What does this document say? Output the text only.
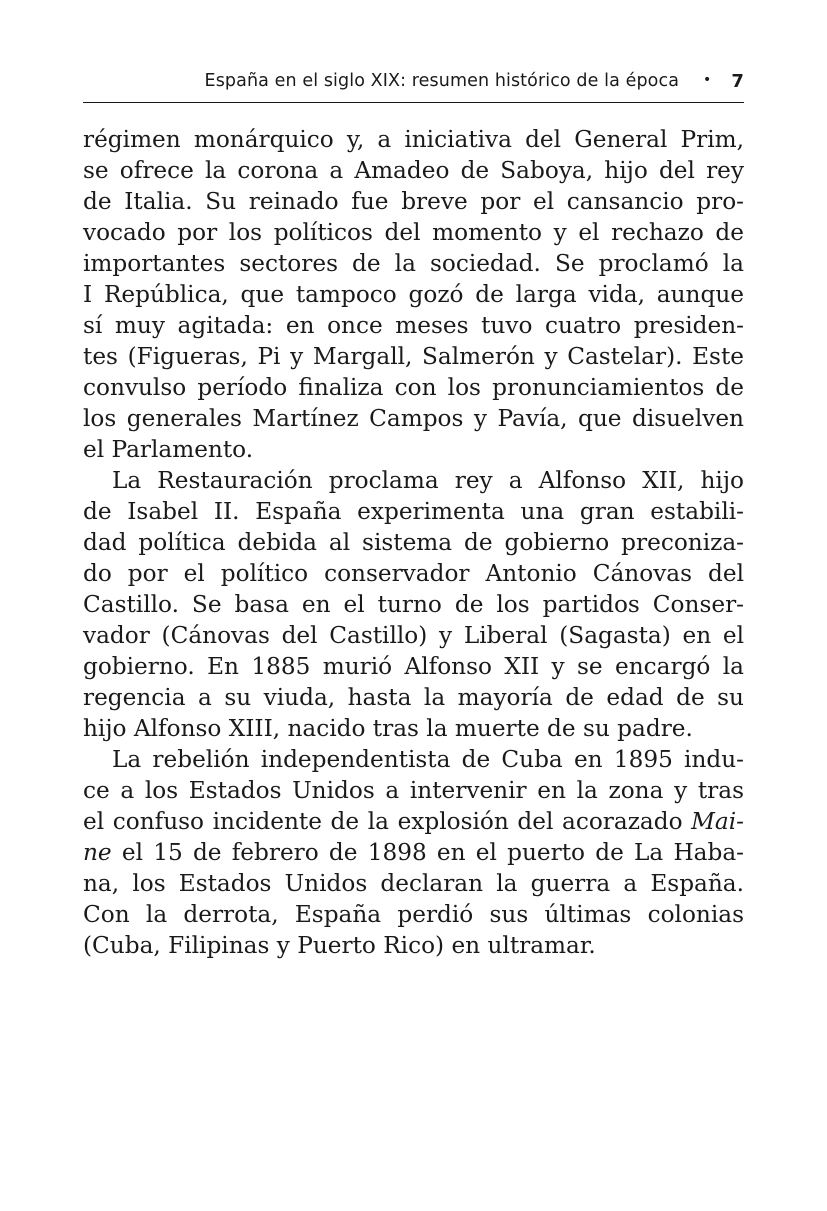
España en el siglo XIX: resumen histórico de la época • 7
régimen monárquico y, a iniciativa del General Prim,
se ofrece la corona a Amadeo de Saboya, hijo del rey
de Italia. Su reinado fue breve por el cansancio pro-
vocado por los políticos del momento y el rechazo de
importantes sectores de la sociedad. Se proclamó la
I República, que tampoco gozó de larga vida, aunque
sí muy agitada: en once meses tuvo cuatro presiden-
tes (Figueras, Pi y Margall, Salmerón y Castelar). Este
convulso período finaliza con los pronunciamientos de
los generales Martínez Campos y Pavía, que disuelven
el Parlamento.
La Restauración proclama rey a Alfonso XII, hijo
de Isabel II. España experimenta una gran estabili-
dad política debida al sistema de gobierno preconiza-
do por el político conservador Antonio Cánovas del
Castillo. Se basa en el turno de los partidos Conser-
vador (Cánovas del Castillo) y Liberal (Sagasta) en el
gobierno. En 1885 murió Alfonso XII y se encargó la
regencia a su viuda, hasta la mayoría de edad de su
hijo Alfonso XIII, nacido tras la muerte de su padre.
La rebelión independentista de Cuba en 1895 indu-
ce a los Estados Unidos a intervenir en la zona y tras
el confuso incidente de la explosión del acorazado Mai-
ne el 15 de febrero de 1898 en el puerto de La Haba-
na, los Estados Unidos declaran la guerra a España.
Con la derrota, España perdió sus últimas colonias
(Cuba, Filipinas y Puerto Rico) en ultramar.
